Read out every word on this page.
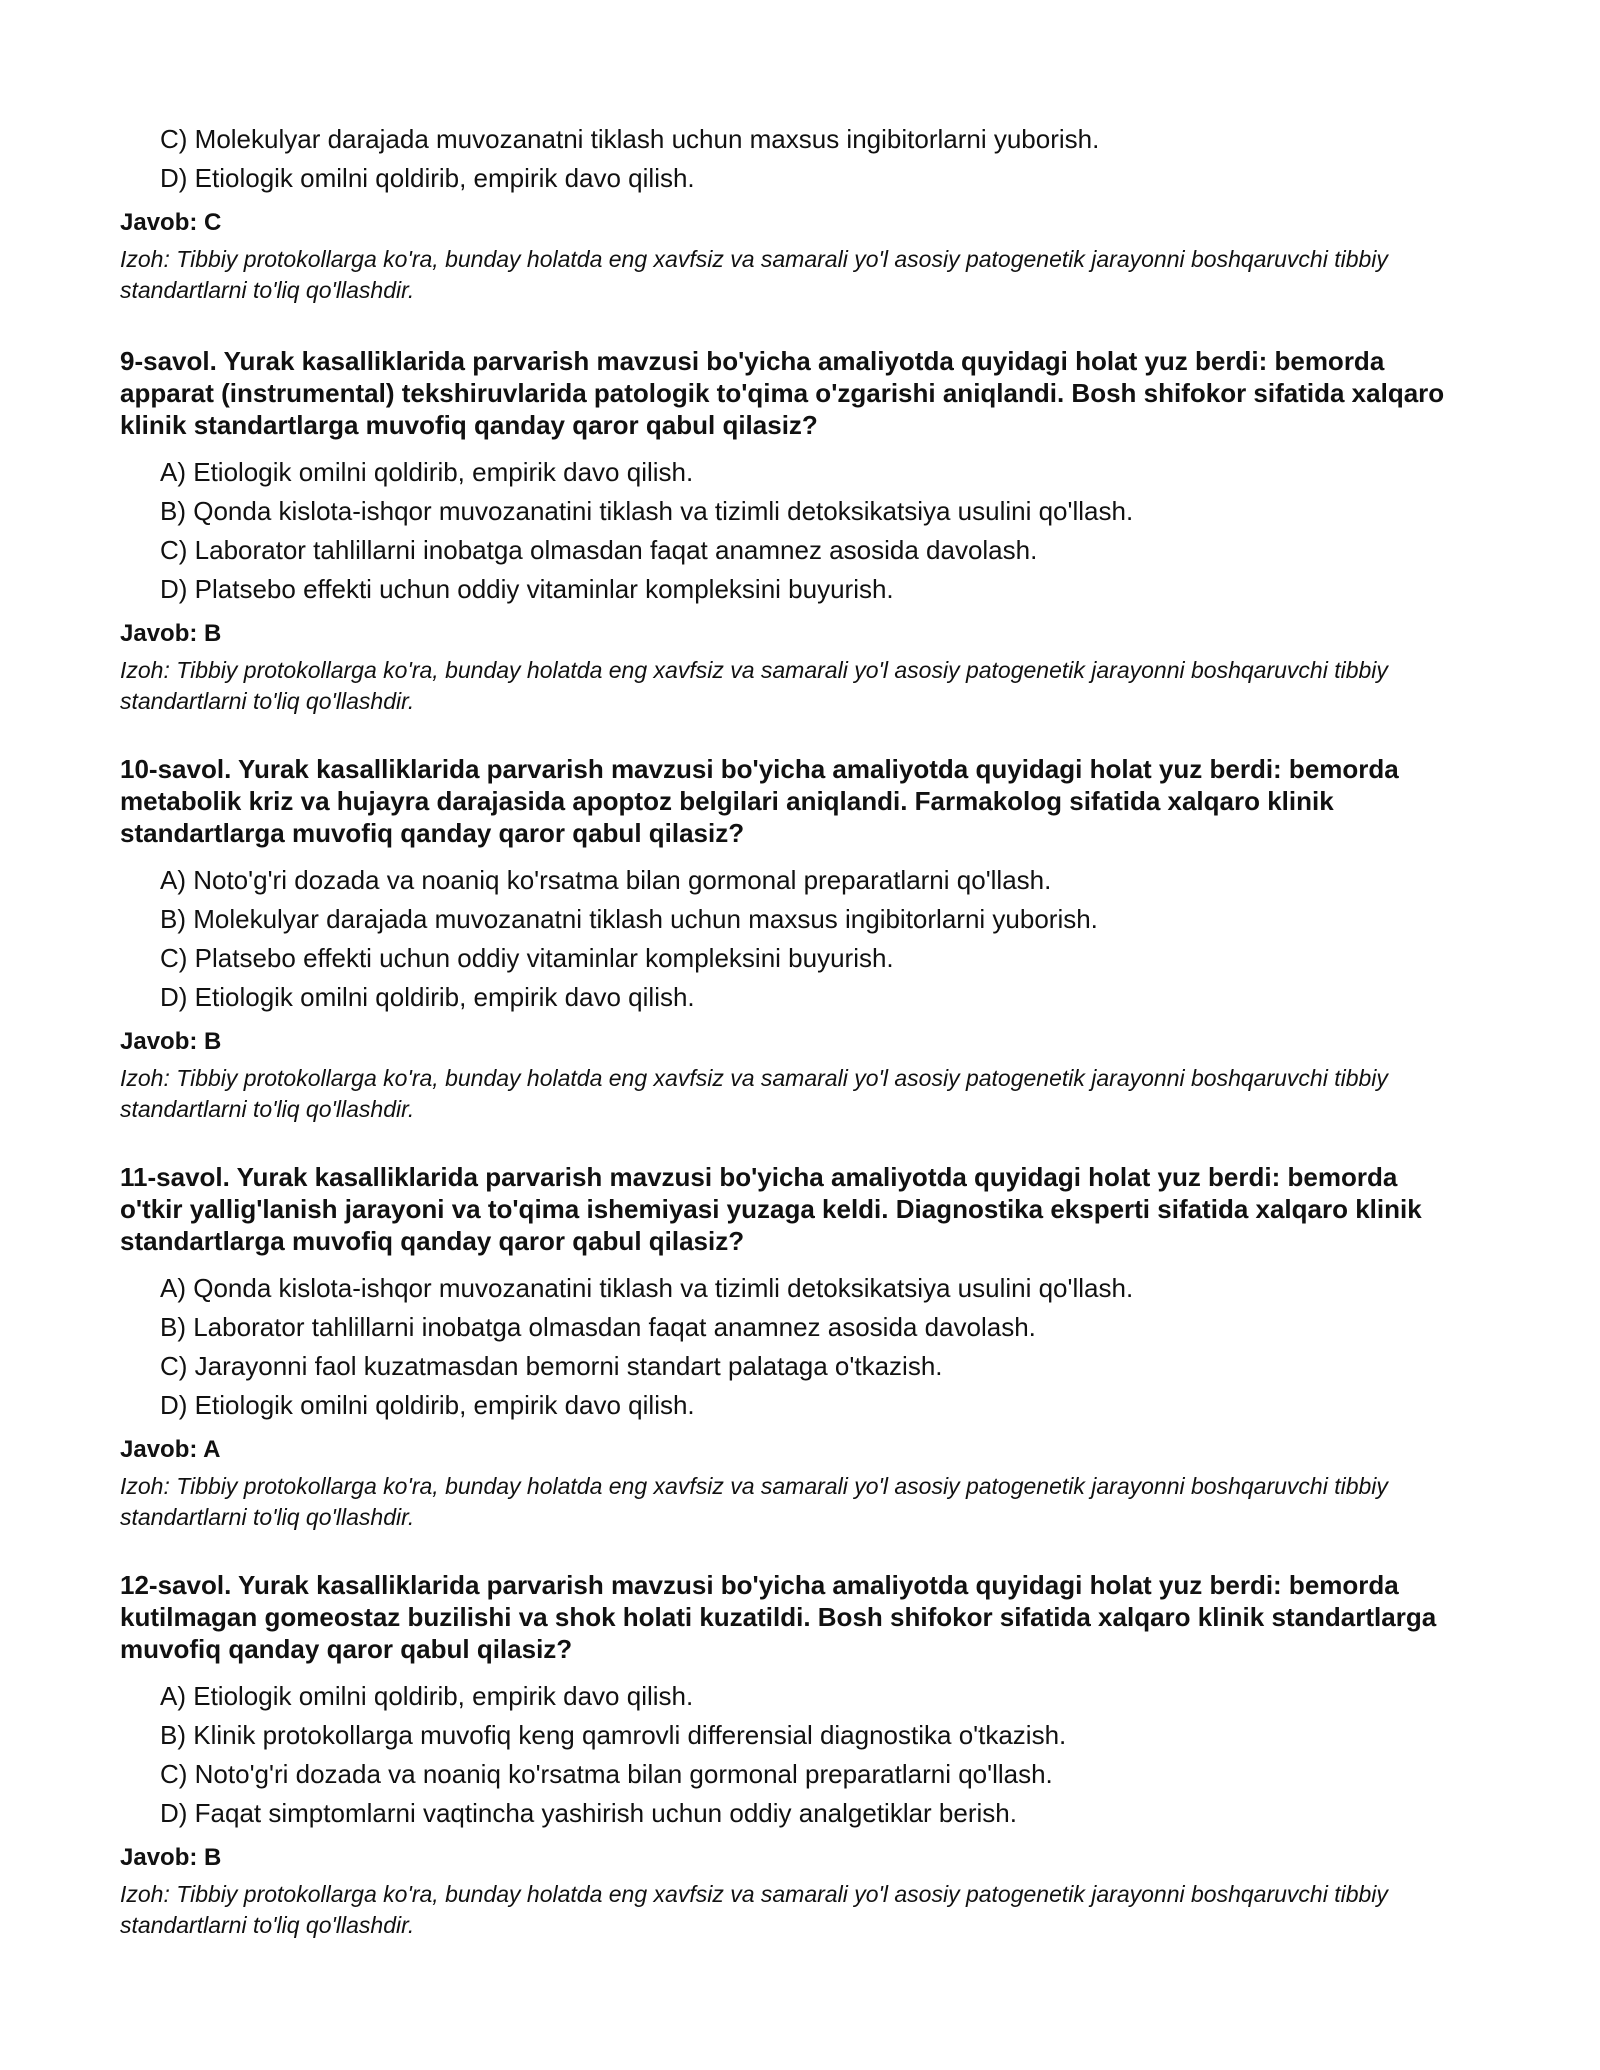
C) Molekulyar darajada muvozanatni tiklash uchun maxsus ingibitorlarni yuborish.
D) Etiologik omilni qoldirib, empirik davo qilish.

Javob: C

Izoh: Tibbiy protokollarga ko'ra, bunday holatda eng xavfsiz va samarali yo'l asosiy patogenetik jarayonni boshqaruvchi tibbiy standartlarni to'liq qo'llashdir.

9-savol. Yurak kasalliklarida parvarish mavzusi bo'yicha amaliyotda quyidagi holat yuz berdi: bemorda apparat (instrumental) tekshiruvlarida patologik to'qima o'zgarishi aniqlandi. Bosh shifokor sifatida xalqaro klinik standartlarga muvofiq qanday qaror qabul qilasiz?

A) Etiologik omilni qoldirib, empirik davo qilish.
B) Qonda kislota-ishqor muvozanatini tiklash va tizimli detoksikatsiya usulini qo'llash.
C) Laborator tahlillarni inobatga olmasdan faqat anamnez asosida davolash.
D) Platsebo effekti uchun oddiy vitaminlar kompleksini buyurish.

Javob: B

Izoh: Tibbiy protokollarga ko'ra, bunday holatda eng xavfsiz va samarali yo'l asosiy patogenetik jarayonni boshqaruvchi tibbiy standartlarni to'liq qo'llashdir.

10-savol. Yurak kasalliklarida parvarish mavzusi bo'yicha amaliyotda quyidagi holat yuz berdi: bemorda metabolik kriz va hujayra darajasida apoptoz belgilari aniqlandi. Farmakolog sifatida xalqaro klinik standartlarga muvofiq qanday qaror qabul qilasiz?

A) Noto'g'ri dozada va noaniq ko'rsatma bilan gormonal preparatlarni qo'llash.
B) Molekulyar darajada muvozanatni tiklash uchun maxsus ingibitorlarni yuborish.
C) Platsebo effekti uchun oddiy vitaminlar kompleksini buyurish.
D) Etiologik omilni qoldirib, empirik davo qilish.

Javob: B

Izoh: Tibbiy protokollarga ko'ra, bunday holatda eng xavfsiz va samarali yo'l asosiy patogenetik jarayonni boshqaruvchi tibbiy standartlarni to'liq qo'llashdir.

11-savol. Yurak kasalliklarida parvarish mavzusi bo'yicha amaliyotda quyidagi holat yuz berdi: bemorda o'tkir yallig'lanish jarayoni va to'qima ishemiyasi yuzaga keldi. Diagnostika eksperti sifatida xalqaro klinik standartlarga muvofiq qanday qaror qabul qilasiz?

A) Qonda kislota-ishqor muvozanatini tiklash va tizimli detoksikatsiya usulini qo'llash.
B) Laborator tahlillarni inobatga olmasdan faqat anamnez asosida davolash.
C) Jarayonni faol kuzatmasdan bemorni standart palataga o'tkazish.
D) Etiologik omilni qoldirib, empirik davo qilish.

Javob: A

Izoh: Tibbiy protokollarga ko'ra, bunday holatda eng xavfsiz va samarali yo'l asosiy patogenetik jarayonni boshqaruvchi tibbiy standartlarni to'liq qo'llashdir.

12-savol. Yurak kasalliklarida parvarish mavzusi bo'yicha amaliyotda quyidagi holat yuz berdi: bemorda kutilmagan gomeostaz buzilishi va shok holati kuzatildi. Bosh shifokor sifatida xalqaro klinik standartlarga muvofiq qanday qaror qabul qilasiz?

A) Etiologik omilni qoldirib, empirik davo qilish.
B) Klinik protokollarga muvofiq keng qamrovli differensial diagnostika o'tkazish.
C) Noto'g'ri dozada va noaniq ko'rsatma bilan gormonal preparatlarni qo'llash.
D) Faqat simptomlarni vaqtincha yashirish uchun oddiy analgetiklar berish.

Javob: B

Izoh: Tibbiy protokollarga ko'ra, bunday holatda eng xavfsiz va samarali yo'l asosiy patogenetik jarayonni boshqaruvchi tibbiy standartlarni to'liq qo'llashdir.
